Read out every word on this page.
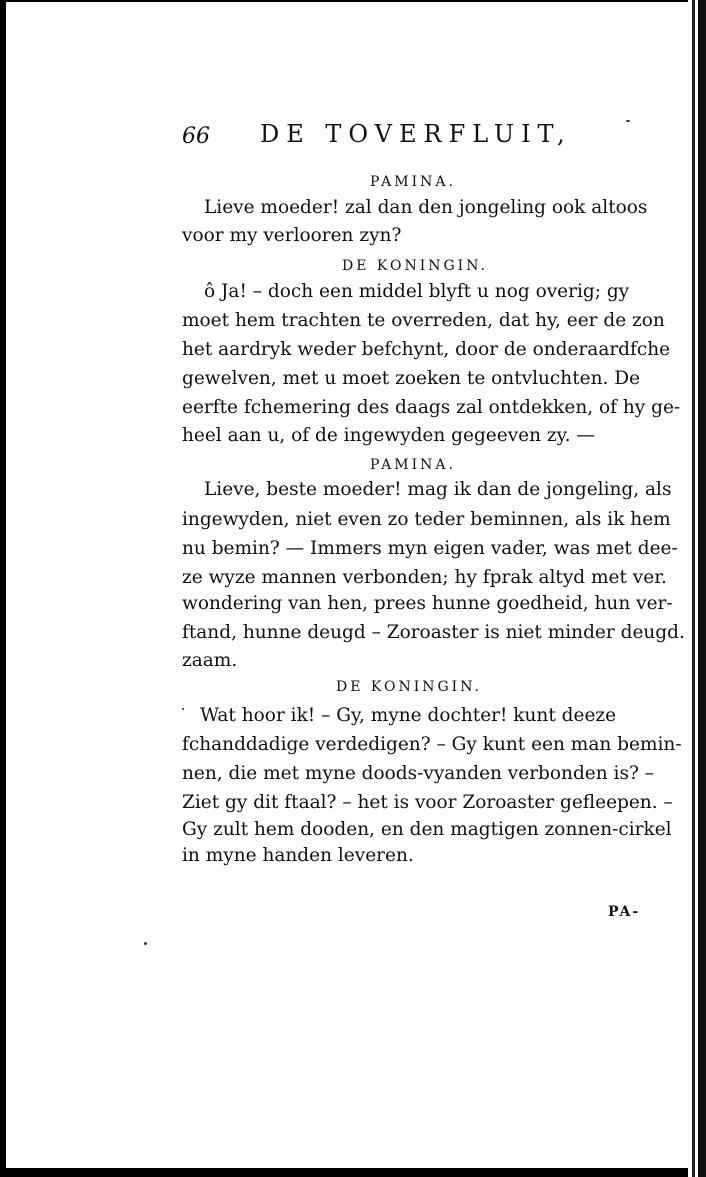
66 DE TOVERFLUIT,
PAMINA.
Lieve moeder! zal dan den jongeling ook altoos
voor my verlooren zyn?
DE KONINGIN.
ô Ja! – doch een middel blyft u nog overig; gy
moet hem trachten te overreden, dat hy, eer de zon
het aardryk weder befchynt, door de onderaardfche
gewelven, met u moet zoeken te ontvluchten. De
eerfte fchemering des daags zal ontdekken, of hy ge-
heel aan u, of de ingewyden gegeeven zy. —
PAMINA.
Lieve, beste moeder! mag ik dan de jongeling, als
ingewyden, niet even zo teder beminnen, als ik hem
nu bemin? — Immers myn eigen vader, was met dee-
ze wyze mannen verbonden; hy fprak altyd met ver.
wondering van hen, prees hunne goedheid, hun ver-
ftand, hunne deugd – Zoroaster is niet minder deugd.
zaam.
DE KONINGIN.
Wat hoor ik! – Gy, myne dochter! kunt deeze
fchanddadige verdedigen? – Gy kunt een man bemin-
nen, die met myne doods-vyanden verbonden is? –
Ziet gy dit ftaal? – het is voor Zoroaster gefleepen. –
Gy zult hem dooden, en den magtigen zonnen-cirkel
in myne handen leveren.
PA-
